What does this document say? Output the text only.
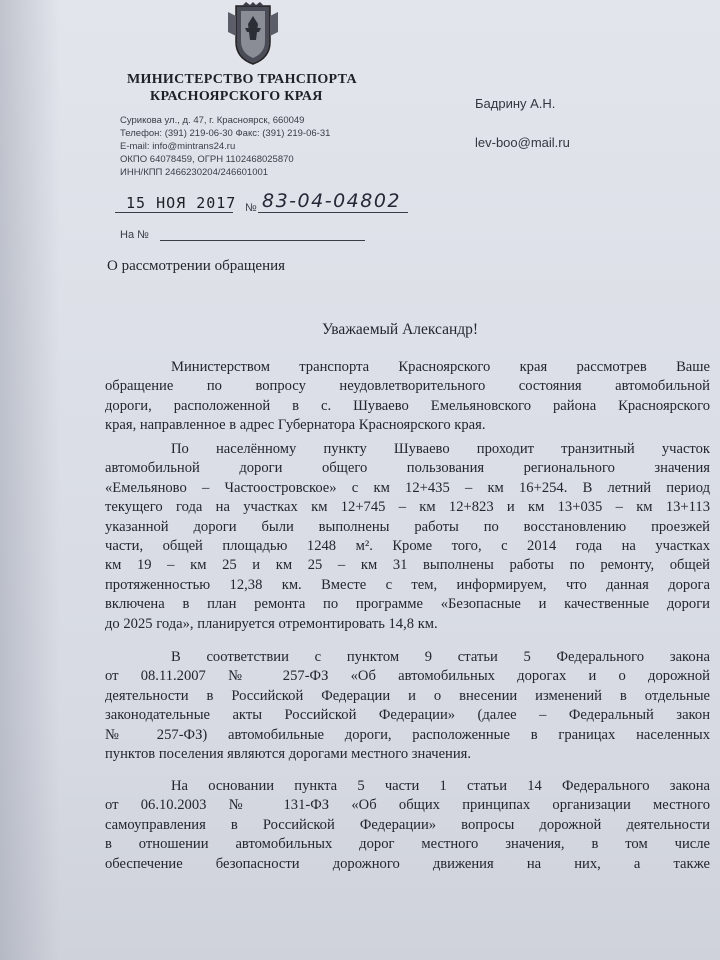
МИНИСТЕРСТВО ТРАНСПОРТА
КРАСНОЯРСКОГО КРАЯ
Сурикова ул., д. 47, г. Красноярск, 660049
Телефон: (391) 219-06-30 Факс: (391) 219-06-31
E-mail: info@mintrans24.ru
ОКПО 64078459, ОГРН 1102468025870
ИНН/КПП 2466230204/246601001
Бадрину А.Н.
lev-boo@mail.ru
15 НОЯ 2017 № 83-04-04802
На №
О рассмотрении обращения
Уважаемый Александр!
Министерством транспорта Красноярского края рассмотрев Ваше
обращение по вопросу неудовлетворительного состояния автомобильной
дороги, расположенной в с. Шуваево Емельяновского района Красноярского
края, направленное в адрес Губернатора Красноярского края.
По населённому пункту Шуваево проходит транзитный участок
автомобильной дороги общего пользования регионального значения
«Емельяново – Частоостровское» с км 12+435 – км 16+254. В летний период
текущего года на участках км 12+745 – км 12+823 и км 13+035 – км 13+113
указанной дороги были выполнены работы по восстановлению проезжей
части, общей площадью 1248 м². Кроме того, с 2014 года на участках
км 19 – км 25 и км 25 – км 31 выполнены работы по ремонту, общей
протяженностью 12,38 км. Вместе с тем, информируем, что данная дорога
включена в план ремонта по программе «Безопасные и качественные дороги
до 2025 года», планируется отремонтировать 14,8 км.
В соответствии с пунктом 9 статьи 5 Федерального закона
от 08.11.2007 № 257-ФЗ «Об автомобильных дорогах и о дорожной
деятельности в Российской Федерации и о внесении изменений в отдельные
законодательные акты Российской Федерации» (далее – Федеральный закон
№ 257-ФЗ) автомобильные дороги, расположенные в границах населенных
пунктов поселения являются дорогами местного значения.
На основании пункта 5 части 1 статьи 14 Федерального закона
от 06.10.2003 № 131-ФЗ «Об общих принципах организации местного
самоуправления в Российской Федерации» вопросы дорожной деятельности
в отношении автомобильных дорог местного значения, в том числе
обеспечение безопасности дорожного движения на них, а также
